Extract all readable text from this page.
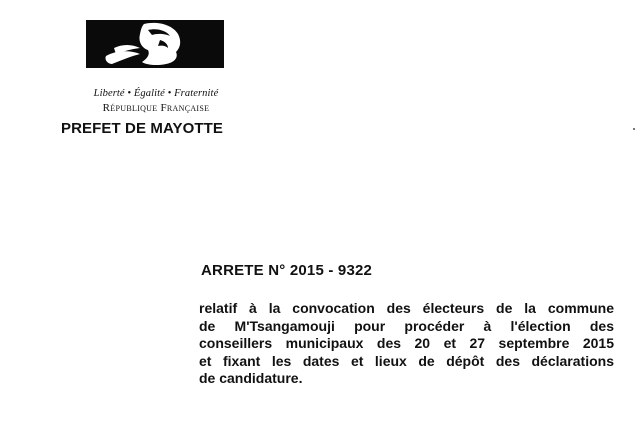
Liberté • Égalité • Fraternité
République Française
PREFET DE MAYOTTE
ARRETE N° 2015 - 9322
relatif à la convocation des électeurs de la commune
de M'Tsangamouji pour procéder à l'élection des
conseillers municipaux des 20 et 27 septembre 2015
et fixant les dates et lieux de dépôt des déclarations
de candidature.
